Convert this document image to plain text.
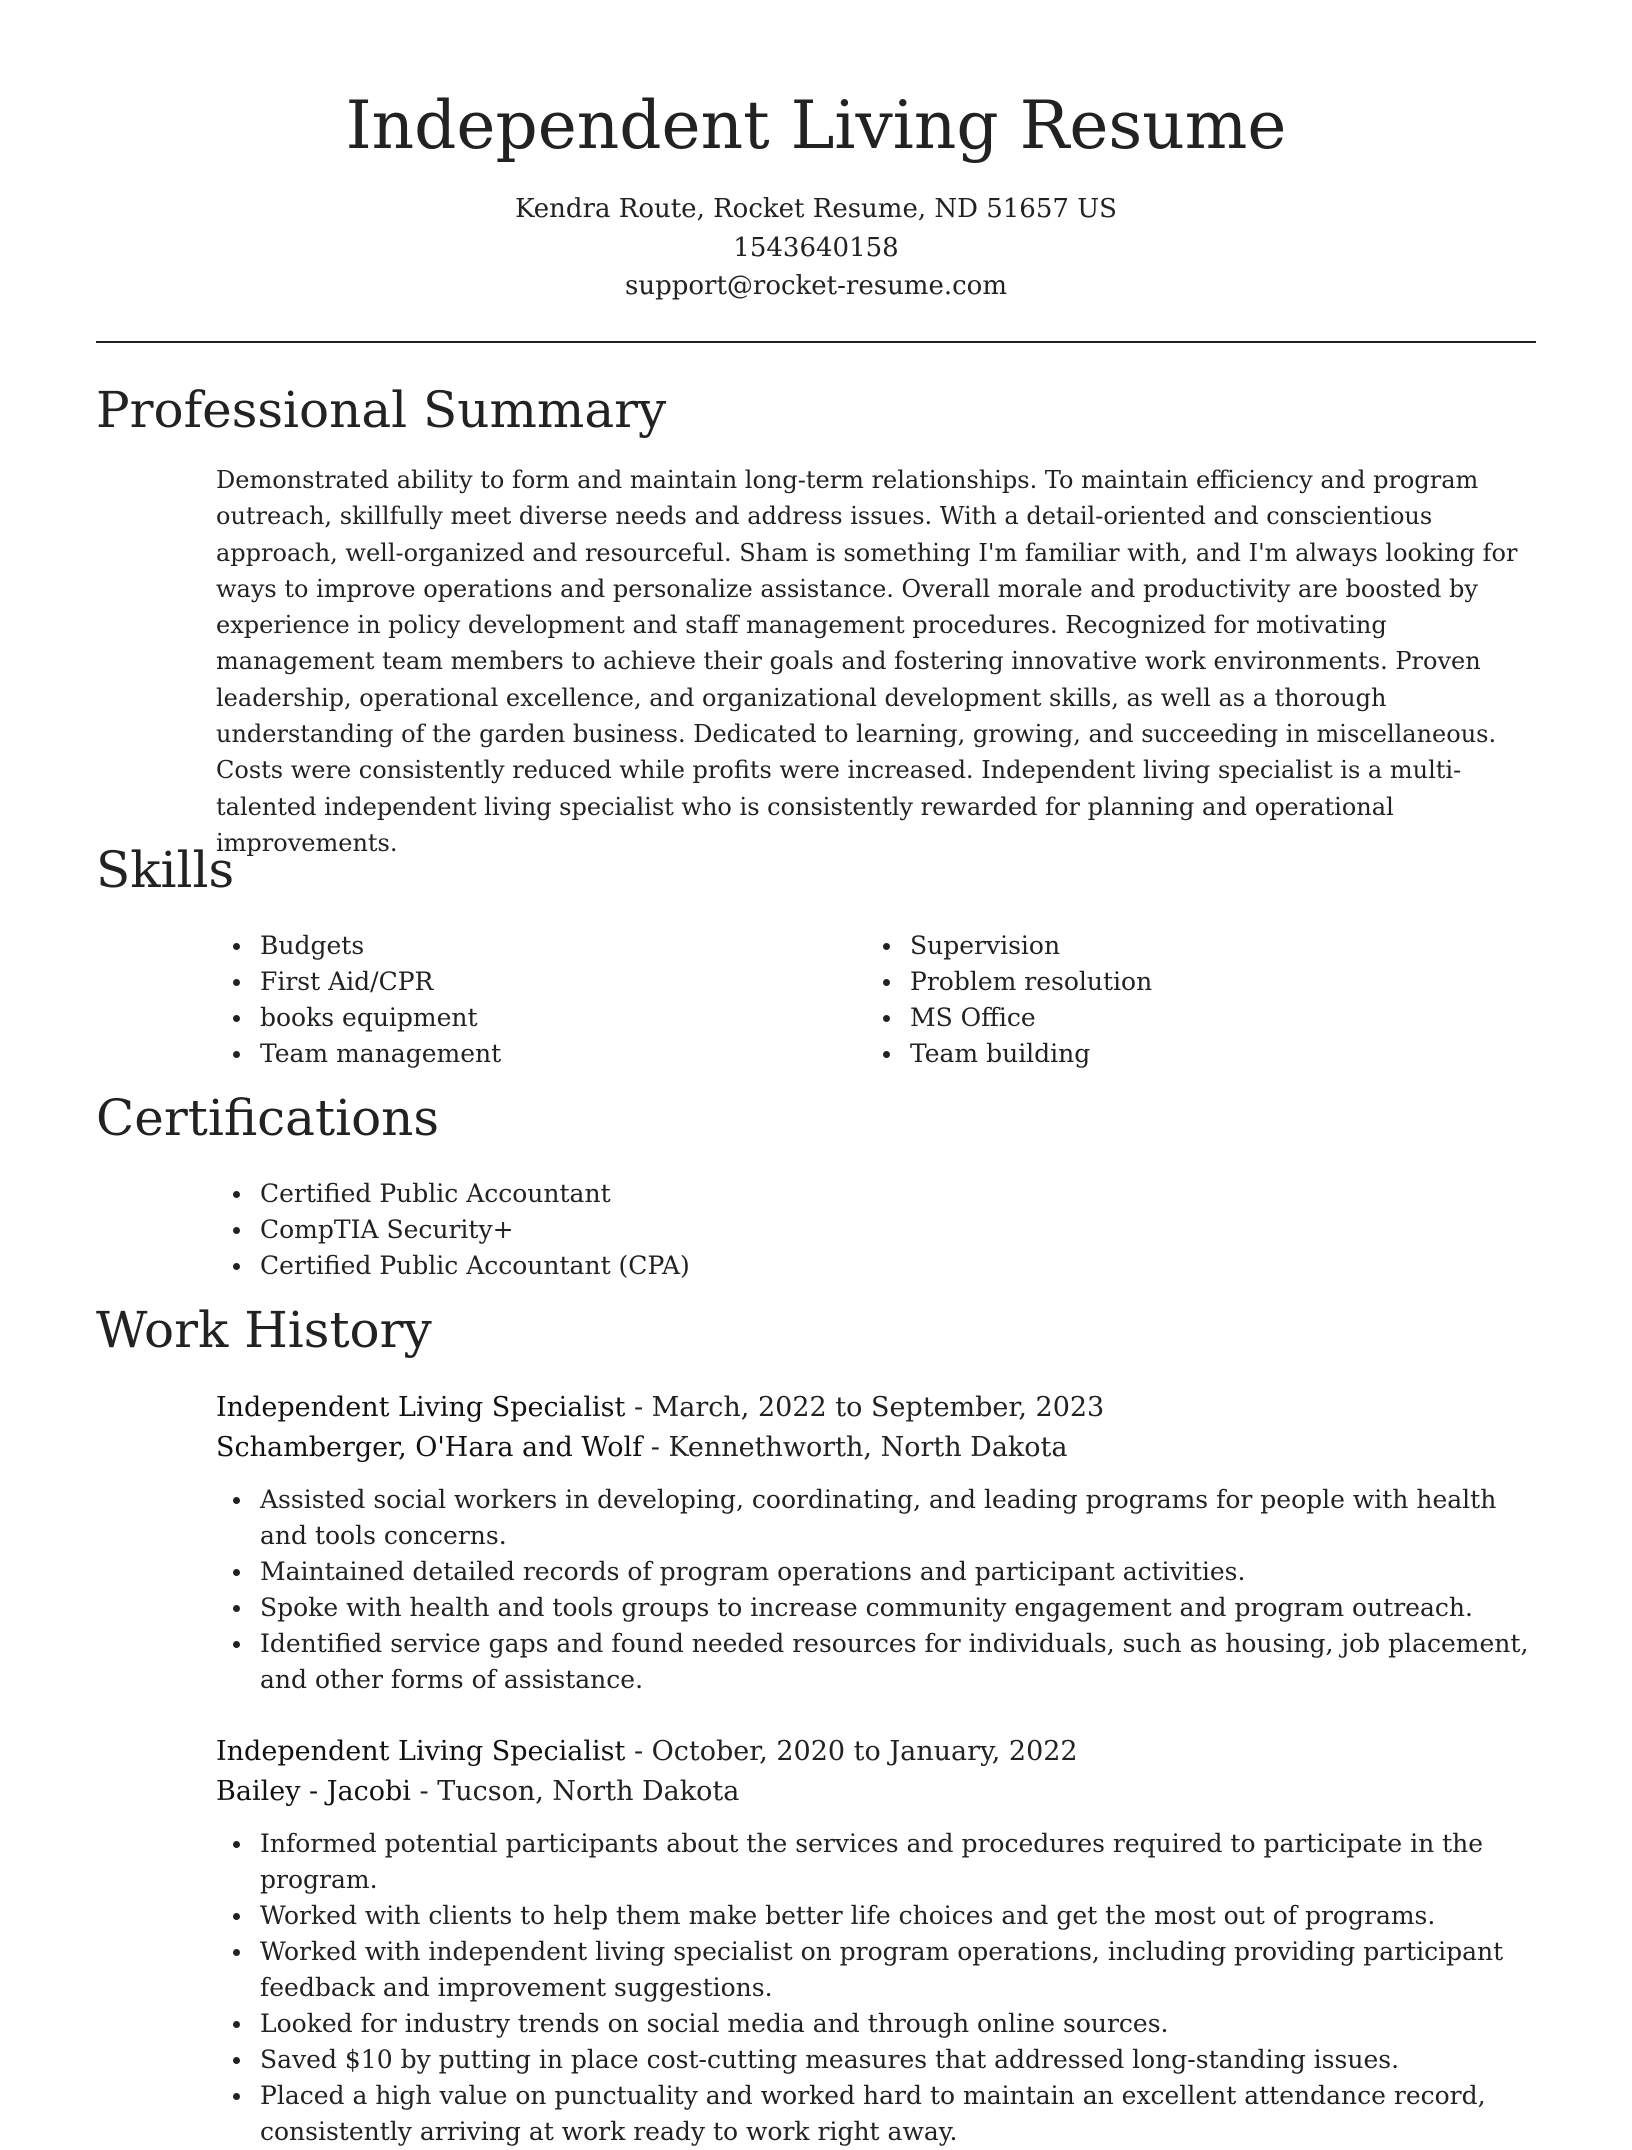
Independent Living Resume
Kendra Route, Rocket Resume, ND 51657 US
1543640158
support@rocket-resume.com
Professional Summary

Demonstrated ability to form and maintain long-term relationships. To maintain efficiency and program outreach, skillfully meet diverse needs and address issues. With a detail-oriented and conscientious approach, well-organized and resourceful. Sham is something I'm familiar with, and I'm always looking for ways to improve operations and personalize assistance. Overall morale and productivity are boosted by experience in policy development and staff management procedures. Recognized for motivating management team members to achieve their goals and fostering innovative work environments. Proven leadership, operational excellence, and organizational development skills, as well as a thorough understanding of the garden business. Dedicated to learning, growing, and succeeding in miscellaneous. Costs were consistently reduced while profits were increased. Independent living specialist is a multi-talented independent living specialist who is consistently rewarded for planning and operational improvements.

Skills
Budgets
First Aid/CPR
books equipment
Team management
Supervision
Problem resolution
MS Office
Team building
Certifications
Certified Public Accountant
CompTIA Security+
Certified Public Accountant (CPA)
Work History
Independent Living Specialist - March, 2022 to September, 2023
Schamberger, O'Hara and Wolf - Kennethworth, North Dakota
Assisted social workers in developing, coordinating, and leading programs for people with health and tools concerns.
Maintained detailed records of program operations and participant activities.
Spoke with health and tools groups to increase community engagement and program outreach.
Identified service gaps and found needed resources for individuals, such as housing, job placement, and other forms of assistance.
Independent Living Specialist - October, 2020 to January, 2022
Bailey - Jacobi - Tucson, North Dakota
Informed potential participants about the services and procedures required to participate in the program.
Worked with clients to help them make better life choices and get the most out of programs.
Worked with independent living specialist on program operations, including providing participant feedback and improvement suggestions.
Looked for industry trends on social media and through online sources.
Saved $10 by putting in place cost-cutting measures that addressed long-standing issues.
Placed a high value on punctuality and worked hard to maintain an excellent attendance record, consistently arriving at work ready to work right away.
